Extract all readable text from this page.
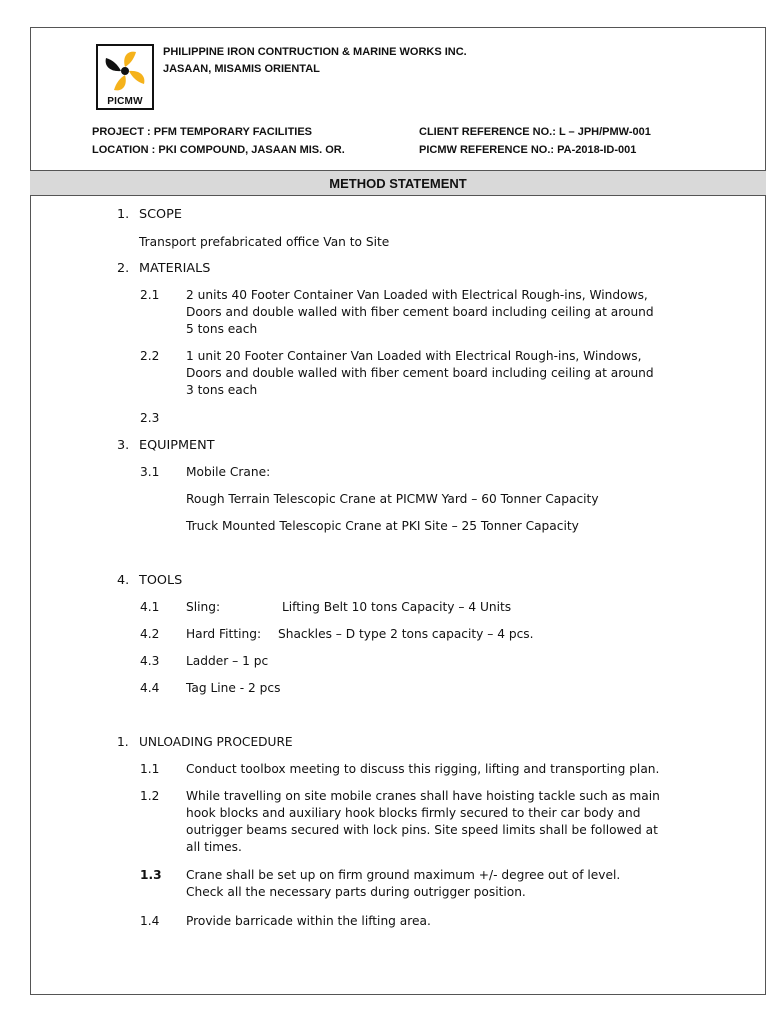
PICMW
PHILIPPINE IRON CONTRUCTION & MARINE WORKS INC.
JASAAN, MISAMIS ORIENTAL
PROJECT : PFM TEMPORARY FACILITIES
LOCATION : PKI COMPOUND, JASAAN MIS. OR.
CLIENT REFERENCE NO.: L – JPH/PMW-001
PICMW REFERENCE NO.: PA-2018-ID-001
METHOD STATEMENT
1. SCOPE
Transport prefabricated office Van to Site
2. MATERIALS
2.1 2 units 40 Footer Container Van Loaded with Electrical Rough-ins, Windows,
Doors and double walled with fiber cement board including ceiling at around
5 tons each
2.2 1 unit 20 Footer Container Van Loaded with Electrical Rough-ins, Windows,
Doors and double walled with fiber cement board including ceiling at around
3 tons each
2.3
3. EQUIPMENT
3.1 Mobile Crane:
Rough Terrain Telescopic Crane at PICMW Yard – 60 Tonner Capacity
Truck Mounted Telescopic Crane at PKI Site – 25 Tonner Capacity
4. TOOLS
4.1 Sling:	Lifting Belt 10 tons Capacity – 4 Units
4.2 Hard Fitting: Shackles – D type 2 tons capacity – 4 pcs.
4.3 Ladder – 1 pc
4.4 Tag Line - 2 pcs
1. UNLOADING PROCEDURE
1.1 Conduct toolbox meeting to discuss this rigging, lifting and transporting plan.
1.2 While travelling on site mobile cranes shall have hoisting tackle such as main
hook blocks and auxiliary hook blocks firmly secured to their car body and
outrigger beams secured with lock pins. Site speed limits shall be followed at
all times.
1.3 Crane shall be set up on firm ground maximum +/- degree out of level.
Check all the necessary parts during outrigger position.
1.4 Provide barricade within the lifting area.
